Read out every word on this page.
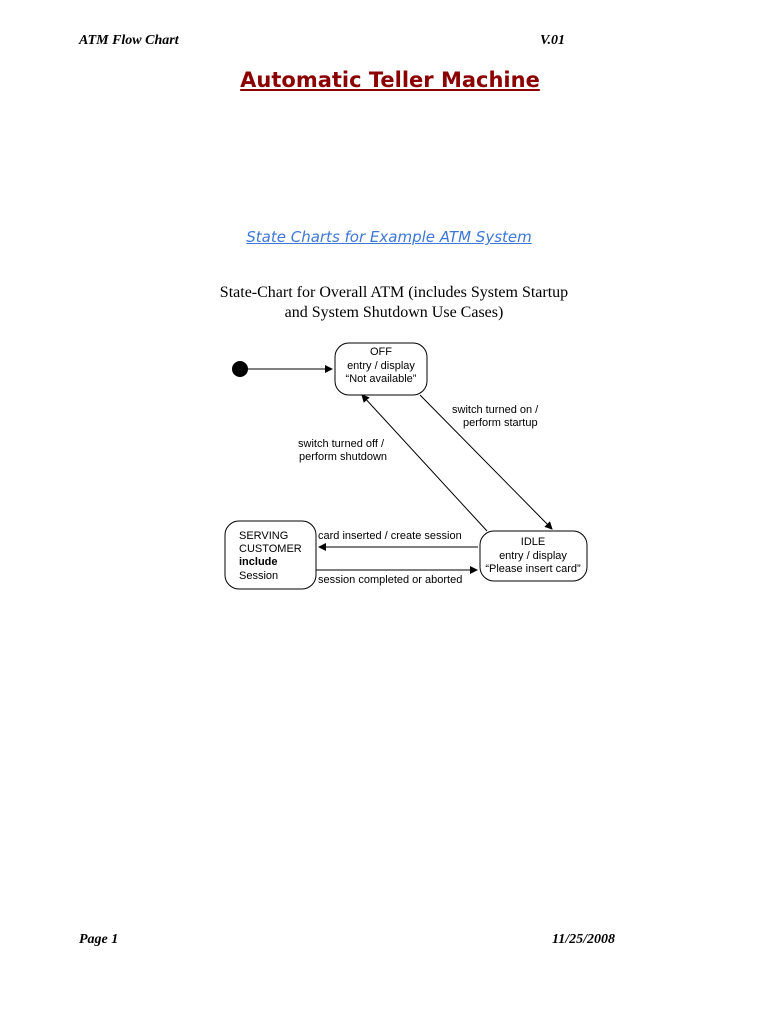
ATM Flow Chart	V.01
Automatic Teller Machine
State Charts for Example ATM System
State-Chart for Overall ATM (includes System Startup
and System Shutdown Use Cases)
OFF
entry / display
“Not available”
IDLE
entry / display
“Please insert card”
SERVING
CUSTOMER
include
Session
switch turned on /
perform startup
switch turned off /
perform shutdown
card inserted / create session
session completed or aborted
Page 1	11/25/2008
